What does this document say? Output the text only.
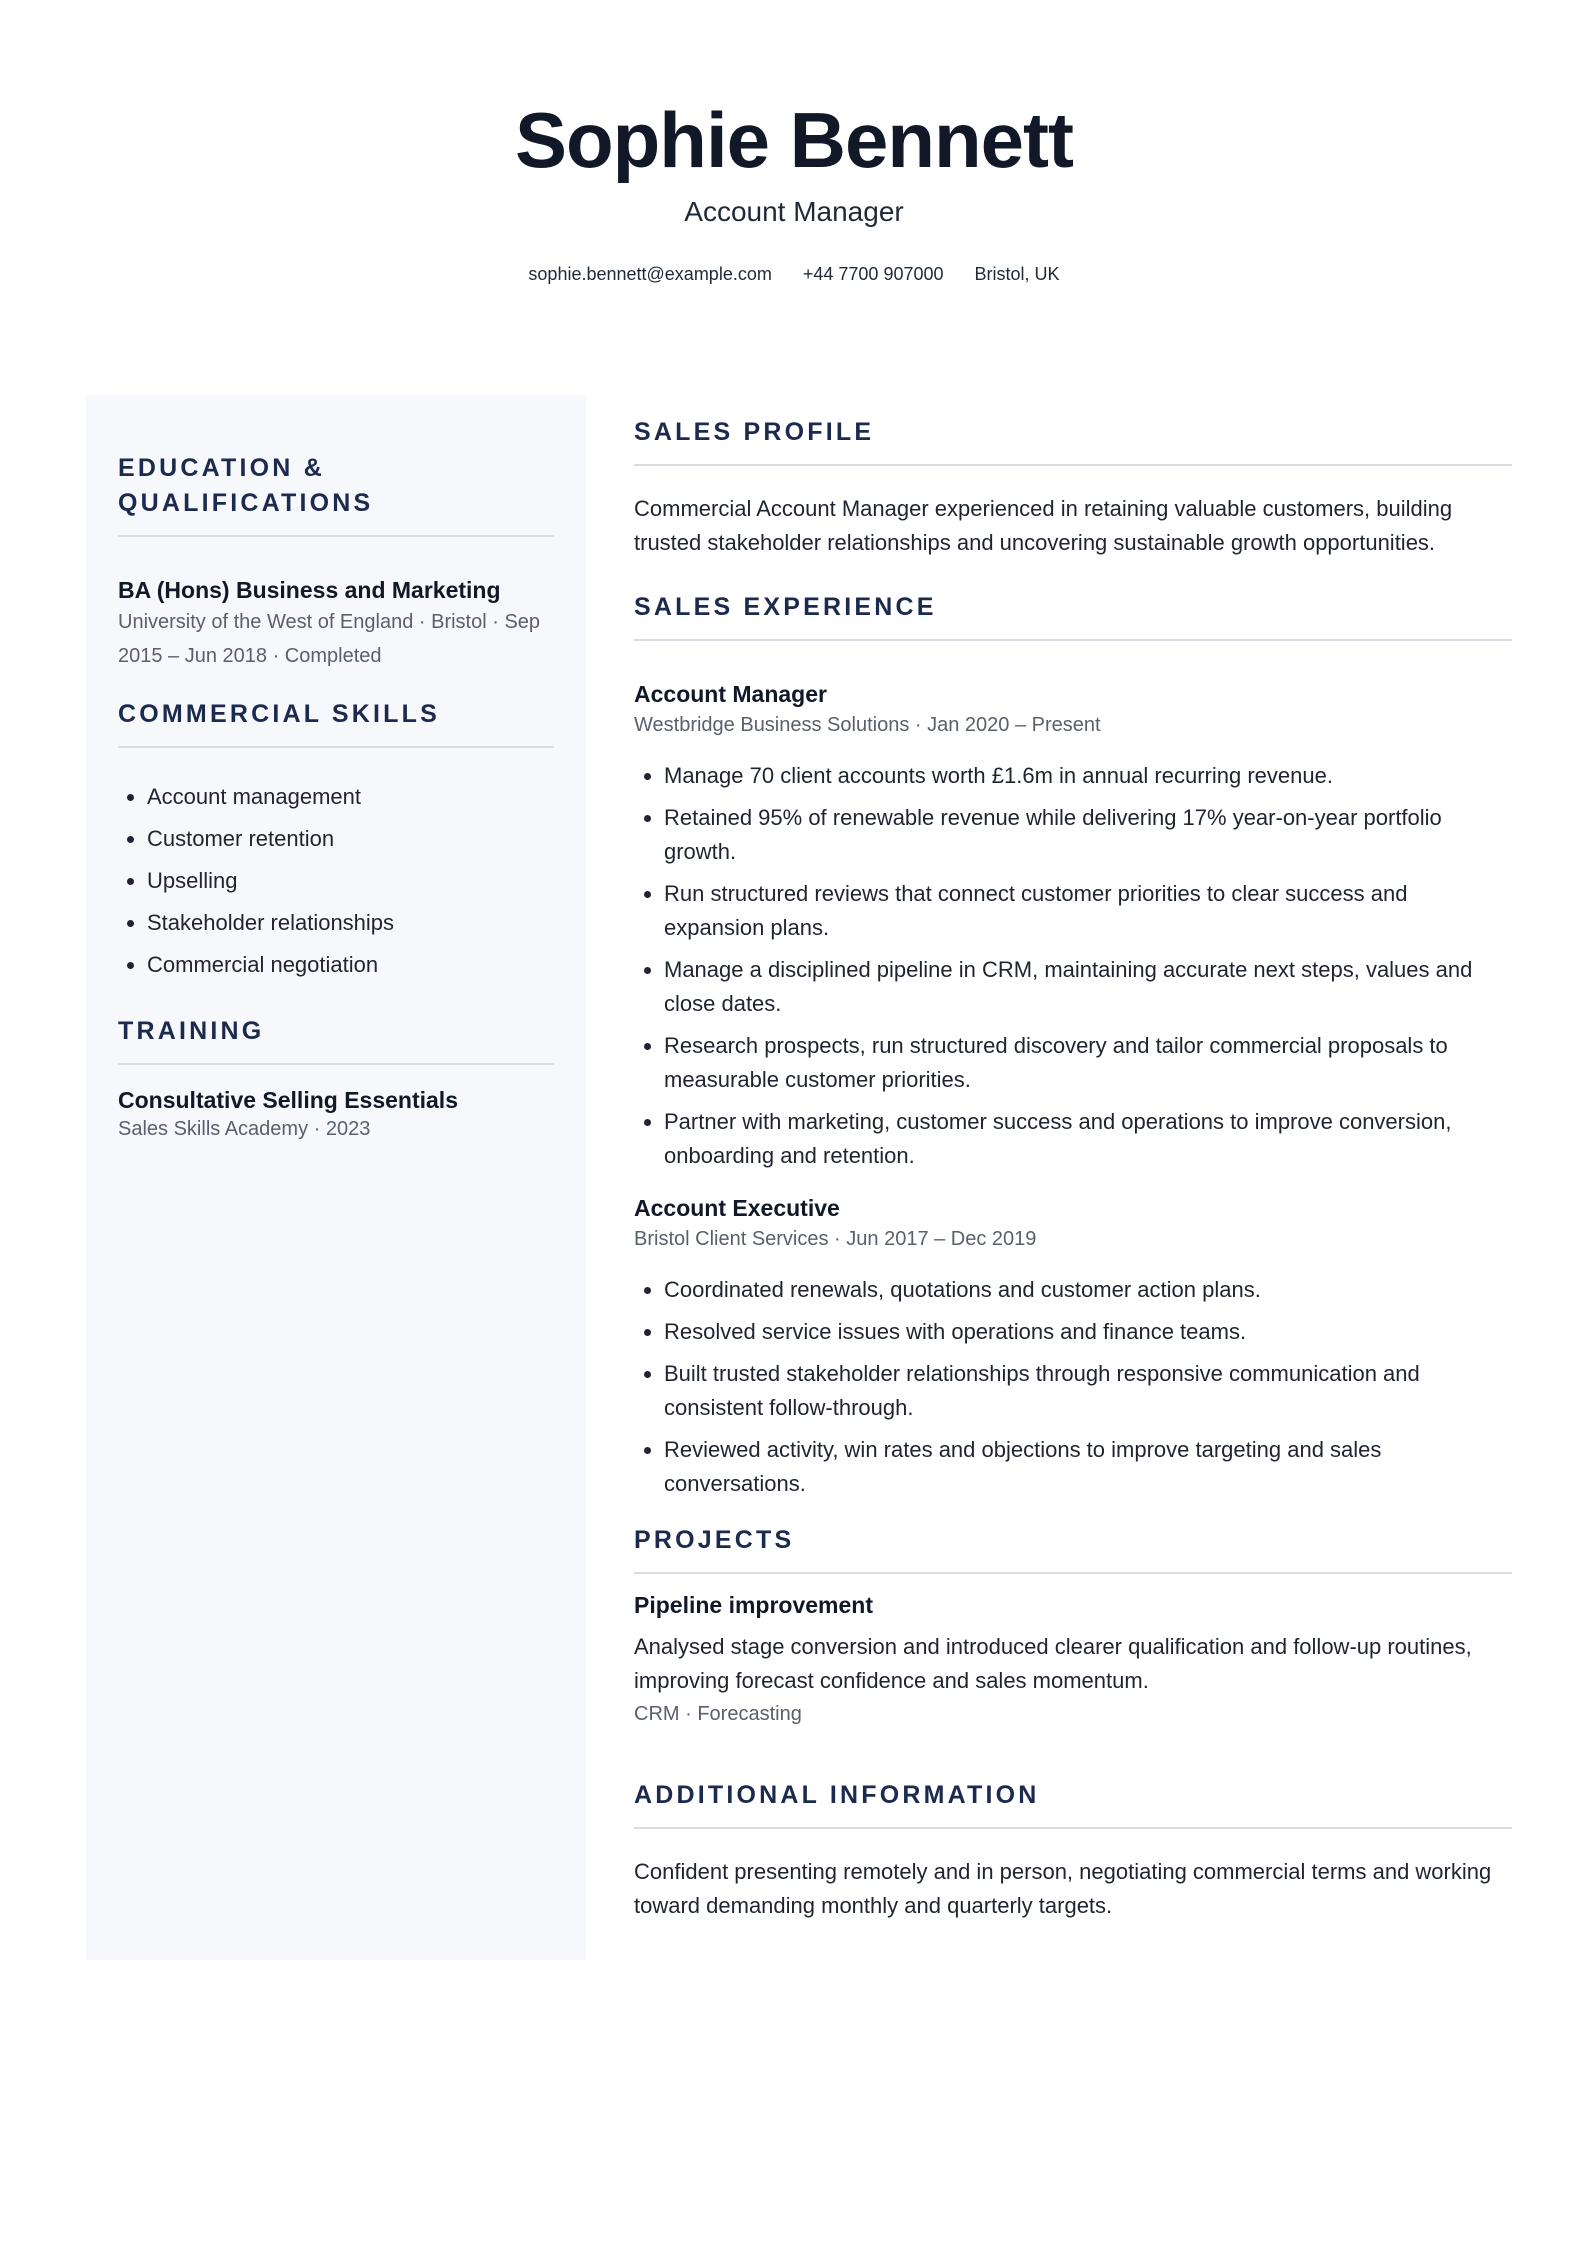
Sophie Bennett
Account Manager
sophie.bennett@example.com +44 7700 907000 Bristol, UK
EDUCATION & QUALIFICATIONS
BA (Hons) Business and Marketing
University of the West of England · Bristol · Sep 2015 – Jun 2018 · Completed
COMMERCIAL SKILLS
• Account management
• Customer retention
• Upselling
• Stakeholder relationships
• Commercial negotiation
TRAINING
Consultative Selling Essentials
Sales Skills Academy · 2023
SALES PROFILE

Commercial Account Manager experienced in retaining valuable customers, building trusted stakeholder relationships and uncovering sustainable growth opportunities.

SALES EXPERIENCE
Account Manager
Westbridge Business Solutions · Jan 2020 – Present
• Manage 70 client accounts worth £1.6m in annual recurring revenue.
• Retained 95% of renewable revenue while delivering 17% year-on-year portfolio growth.
• Run structured reviews that connect customer priorities to clear success and expansion plans.
• Manage a disciplined pipeline in CRM, maintaining accurate next steps, values and close dates.
• Research prospects, run structured discovery and tailor commercial proposals to measurable customer priorities.
• Partner with marketing, customer success and operations to improve conversion, onboarding and retention.
Account Executive
Bristol Client Services · Jun 2017 – Dec 2019
• Coordinated renewals, quotations and customer action plans.
• Resolved service issues with operations and finance teams.
• Built trusted stakeholder relationships through responsive communication and consistent follow-through.
• Reviewed activity, win rates and objections to improve targeting and sales conversations.
PROJECTS
Pipeline improvement

Analysed stage conversion and introduced clearer qualification and follow-up routines, improving forecast confidence and sales momentum.

CRM · Forecasting
ADDITIONAL INFORMATION

Confident presenting remotely and in person, negotiating commercial terms and working toward demanding monthly and quarterly targets.
